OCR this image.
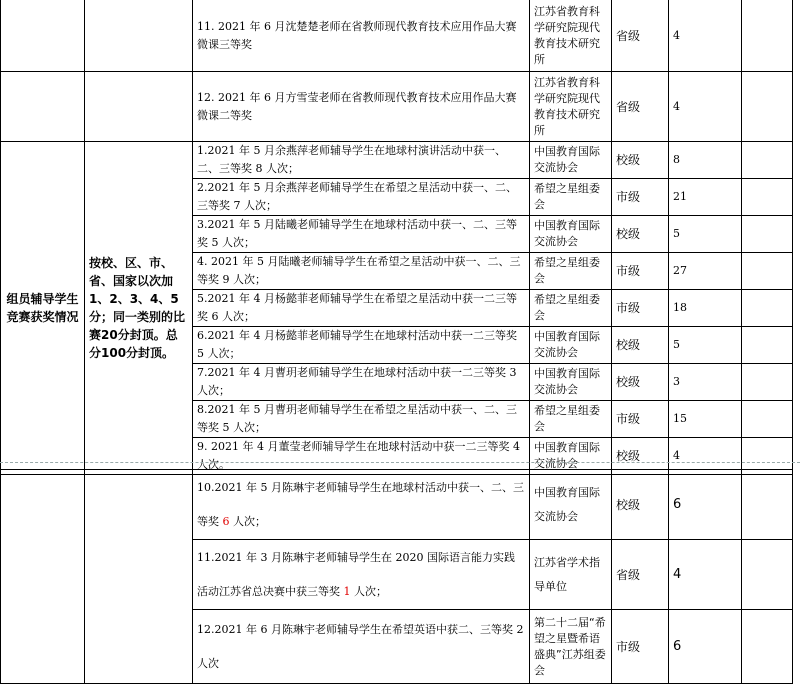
		11. 2021 年 6 月沈楚楚老师在省教师现代教育技术应用作品大赛微课三等奖	江苏省教育科学研究院现代教育技术研究所	省级	4	
		12. 2021 年 6 月方雪莹老师在省教师现代教育技术应用作品大赛微课二等奖	江苏省教育科学研究院现代教育技术研究所	省级	4	
组员辅导学生竞赛获奖情况	按校、区、市、省、国家以次加1、2、3、4、5分；同一类别的比赛20分封顶。总分100分封顶。	1.2021 年 5 月余燕萍老师辅导学生在地球村演讲活动中获一、二、三等奖 8 人次；	中国教育国际交流协会	校级	8	
		2.2021 年 5 月余燕萍老师辅导学生在希望之星活动中获一、二、三等奖 7 人次；	希望之星组委会	市级	21	
		3.2021 年 5 月陆曦老师辅导学生在地球村活动中获一、二、三等奖 5 人次；	中国教育国际交流协会	校级	5	
		4. 2021 年 5 月陆曦老师辅导学生在希望之星活动中获一、二、三等奖 9 人次；	希望之星组委会	市级	27	
		5.2021 年 4 月杨懿菲老师辅导学生在希望之星活动中获一二三等奖 6 人次；	希望之星组委会	市级	18	
		6.2021 年 4 月杨懿菲老师辅导学生在地球村活动中获一二三等奖 5 人次；	中国教育国际交流协会	校级	5	
		7.2021 年 4 月曹玥老师辅导学生在地球村活动中获一二三等奖 3 人次；	中国教育国际交流协会	校级	3	
		8.2021 年 5 月曹玥老师辅导学生在希望之星活动中获一、二、三等奖 5 人次；	希望之星组委会	市级	15	
		9. 2021 年 4 月董莹老师辅导学生在地球村活动中获一二三等奖 4 人次。	中国教育国际交流协会	校级	4	
		10.2021 年 5 月陈琳宇老师辅导学生在地球村活动中获一、二、三等奖 6 人次；	中国教育国际交流协会	校级	6	
		11.2021 年 3 月陈琳宇老师辅导学生在 2020 国际语言能力实践活动江苏省总决赛中获三等奖 1 人次；	江苏省学术指导单位	省级	4	
		12.2021 年 6 月陈琳宇老师辅导学生在希望英语中获二、三等奖 2 人次	第二十二届“希望之星暨希语盛典”江苏组委会	市级	6	
